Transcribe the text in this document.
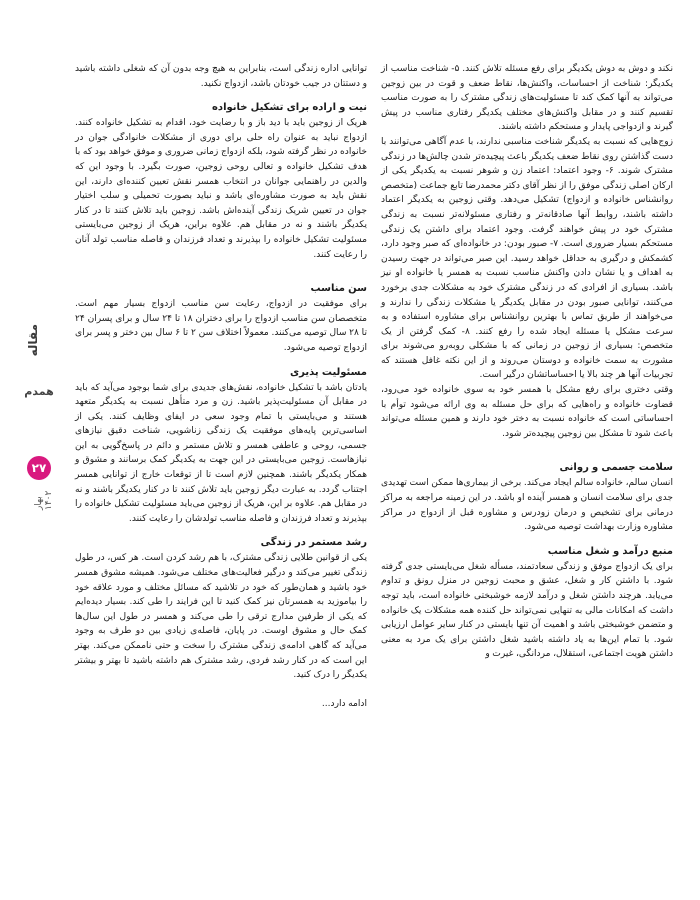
مقاله
همدم
۲۷
بهار ۱۴۰۲

نکند و دوش به دوش یکدیگر برای رفع مسئله تلاش کنند. ۵- شناخت مناسب از یکدیگر: شناخت از احساسات، واکنش‌ها، نقاط ضعف و قوت در بین زوجین می‌تواند به آنها کمک کند تا مسئولیت‌های زندگی مشترک را به صورت مناسب تقسیم کنند و در مقابل واکنش‌های مختلف یکدیگر رفتاری مناسب در پیش گیرند و ازدواجی پایدار و مستحکم داشته باشند.

زوج‌هایی که نسبت به یکدیگر شناخت مناسبی ندارند، با عدم آگاهی می‌توانند با دست گذاشتن روی نقاط ضعف یکدیگر باعث پیچیده‌تر شدن چالش‌ها در زندگی مشترک شوند. ۶- وجود اعتماد: اعتماد زن و شوهر نسبت به یکدیگر یکی از ارکان اصلی زندگی موفق را از نظر آقای دکتر محمدرضا تابع جماعت (متخصص روانشناس خانواده و ازدواج) تشکیل می‌دهد. وقتی زوجین به یکدیگر اعتماد داشته باشند، روابط آنها صادقانه‌تر و رفتاری مسئولانه‌تر نسبت به زندگی مشترک خود در پیش خواهند گرفت. وجود اعتماد برای داشتن یک زندگی مستحکم بسیار ضروری است. ۷- صبور بودن: در خانواده‌ای که صبر وجود دارد، کشمکش و درگیری به حداقل خواهد رسید. این صبر می‌تواند در جهت رسیدن به اهداف و یا نشان دادن واکنش مناسب نسبت به همسر یا خانواده او نیز باشد. بسیاری از افرادی که در زندگی مشترک خود به مشکلات جدی برخورد می‌کنند، توانایی صبور بودن در مقابل یکدیگر یا مشکلات زندگی را ندارند و می‌خواهند از طریق تماس با بهترین روانشناس برای مشاوره استفاده و به سرعت مشکل یا مسئله ایجاد شده را رفع کنند. ۸- کمک گرفتن از یک متخصص: بسیاری از زوجین در زمانی که با مشکلی روبه‌رو می‌شوند برای مشورت به سمت خانواده و دوستان می‌روند و از این نکته غافل هستند که تجربیات آنها هر چند بالا یا احساساتشان درگیر است.

وقتی دختری برای رفع مشکل با همسر خود به سوی خانواده خود می‌رود، قضاوت خانواده و راه‌هایی که برای حل مسئله به وی ارائه می‌شود توأم با احساساتی است که خانواده نسبت به دختر خود دارند و همین مسئله می‌تواند باعث شود تا مشکل بین زوجین پیچیده‌تر شود.

سلامت جسمی و روانی

انسان سالم، خانواده سالم ایجاد می‌کند. برخی از بیماری‌ها ممکن است تهدیدی جدی برای سلامت انسان و همسر آینده او باشد. در این زمینه مراجعه به مراکز درمانی برای تشخیص و درمان زودرس و مشاوره قبل از ازدواج در مراکز مشاوره وزارت بهداشت توصیه می‌شود.

منبع درآمد و شغل مناسب

برای یک ازدواج موفق و زندگی سعادتمند، مسأله شغل می‌بایستی جدی گرفته شود. با داشتن کار و شغل، عشق و محبت زوجین در منزل رونق و تداوم می‌یابد. هرچند داشتن شغل و درآمد لازمه خوشبختی خانواده است، باید توجه داشت که امکانات مالی به تنهایی نمی‌تواند حل کننده همه مشکلات یک خانواده و متضمن خوشبختی باشد و اهمیت آن تنها بایستی در کنار سایر عوامل ارزیابی شود. با تمام این‌ها به یاد داشته باشید شغل داشتن برای یک مرد به معنی داشتن هویت اجتماعی، استقلال، مردانگی، غیرت و

توانایی اداره زندگی است، بنابراین به هیچ وجه بدون آن که شغلی داشته باشید و دستتان در جیب خودتان باشد، ازدواج نکنید.

نیت و اراده برای تشکیل خانواده

هریک از زوجین باید با دید باز و با رضایت خود، اقدام به تشکیل خانواده کنند. ازدواج نباید به عنوان راه حلی برای دوری از مشکلات خانوادگی جوان در خانواده در نظر گرفته شود، بلکه ازدواج زمانی ضروری و موفق خواهد بود که با هدف تشکیل خانواده و تعالی روحی زوجین، صورت بگیرد. با وجود این که والدین در راهنمایی جوانان در انتخاب همسر نقش تعیین کننده‌ای دارند، این نقش باید به صورت مشاوره‌ای باشد و نباید بصورت تحمیلی و سلب اختیار جوان در تعیین شریک زندگی آینده‌اش باشد. زوجین باید تلاش کنند تا در کنار یکدیگر باشند و نه در مقابل هم. علاوه براین، هریک از زوجین می‌بایستی مسئولیت تشکیل خانواده را بپذیرند و تعداد فرزندان و فاصله مناسب تولد آنان را رعایت کنند.

سن مناسب

برای موفقیت در ازدواج، رعایت سن مناسب ازدواج بسیار مهم است. متخصصان سن مناسب ازدواج را برای دختران ۱۸ تا ۲۴ سال و برای پسران ۲۴ تا ۲۸ سال توصیه می‌کنند. معمولاً اختلاف سن ۲ تا ۶ سال بین دختر و پسر برای ازدواج توصیه می‌شود.

مسئولیت پذیری

یادتان باشد با تشکیل خانواده، نقش‌های جدیدی برای شما بوجود می‌آید که باید در مقابل آن مسئولیت‌پذیر باشید. زن و مرد متأهل نسبت به یکدیگر متعهد هستند و می‌بایستی با تمام وجود سعی در ایفای وظایف کنند. یکی از اساسی‌ترین پایه‌های موفقیت یک زندگی زناشویی، شناخت دقیق نیازهای جسمی، روحی و عاطفی همسر و تلاش مستمر و دائم در پاسخ‌گویی به این نیازهاست. زوجین می‌بایستی در این جهت به یکدیگر کمک برسانند و مشوق و همکار یکدیگر باشند. همچنین لازم است تا از توقعات خارج از توانایی همسر اجتناب گردد. به عبارت دیگر زوجین باید تلاش کنند تا در کنار یکدیگر باشند و نه در مقابل هم. علاوه بر این، هریک از زوجین می‌باید مسئولیت تشکیل خانواده را بپذیرند و تعداد فرزندان و فاصله مناسب تولدشان را رعایت کنند.

رشد مستمر در زندگی

یکی از قوانین طلایی زندگی مشترک، با هم رشد کردن است. هر کس، در طول زندگی تغییر می‌کند و درگیر فعالیت‌های مختلف می‌شود. همیشه مشوق همسر خود باشید و همان‌طور که خود در تلاشید که مسائل مختلف و مورد علاقه خود را بیاموزید به همسرتان نیز کمک کنید تا این فرایند را طی کند. بسیار دیده‌ایم که یکی از طرفین مدارج ترقی را طی می‌کند و همسر در طول این سال‌ها کمک حال و مشوق اوست. در پایان، فاصله‌ی زیادی بین دو طرف به وجود می‌آید که گاهی ادامه‌ی زندگی مشترک را سخت و حتی ناممکن می‌کند. بهتر این است که در کنار رشد فردی، رشد مشترک هم داشته باشید تا بهتر و بیشتر یکدیگر را درک کنید.

ادامه دارد...
